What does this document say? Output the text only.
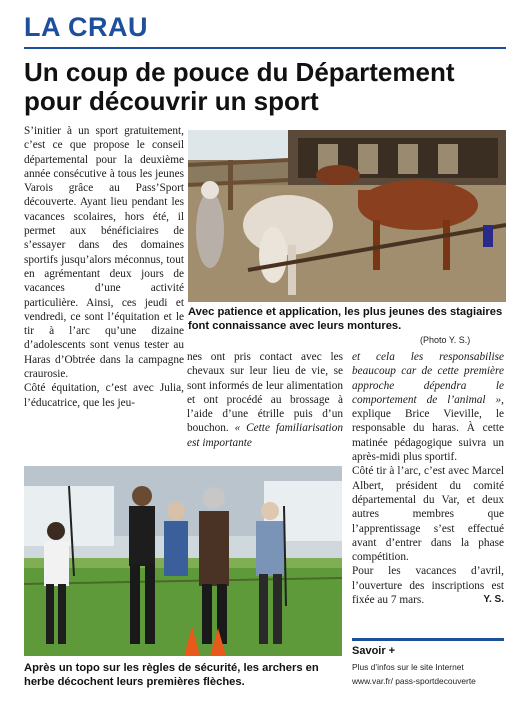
LA CRAU
Un coup de pouce du Département pour découvrir un sport

S’initier à un sport gratuitement, c’est ce que propose le conseil départemental pour la deuxième année consécutive à tous les jeunes Varois grâce au Pass’Sport découverte. Ayant lieu pendant les vacances scolaires, hors été, il permet aux bénéficiaires de s’essayer dans des domaines sportifs jusqu’alors méconnus, tout en agrémentant deux jours de vacances d’une activité particulière. Ainsi, ces jeudi et vendredi, ce sont l’équitation et le tir à l’arc qu’une dizaine d’adolescents sont venus tester au Haras d’Obtrée dans la campagne craurosie.

Côté équitation, c’est avec Julia, l’éducatrice, que les jeu-

Avec patience et application, les plus jeunes des stagiaires font connaissance avec leurs montures.
(Photo Y. S.)

nes ont pris contact avec les chevaux sur leur lieu de vie, se sont informés de leur alimentation et ont procédé au brossage à l’aide d’une étrille puis d’un bouchon. « Cette familiarisation est importante

et cela les responsabilise beaucoup car de cette première approche dépendra le comportement de l’animal », explique Brice Vieville, le responsable du haras. À cette matinée pédagogique suivra un après-midi plus sportif.

Côté tir à l’arc, c’est avec Marcel Albert, président du comité départemental du Var, et deux autres membres que l’apprentissage s’est effectué avant d’entrer dans la phase compétition.

Pour les vacances d’avril, l’ouverture des inscriptions est fixée au 7 mars.	Y. S.

Après un topo sur les règles de sécurité, les archers en herbe décochent leurs premières flèches.
Savoir +
Plus d’infos sur le site Internet
www.var.fr/ pass-sportdecouverte
